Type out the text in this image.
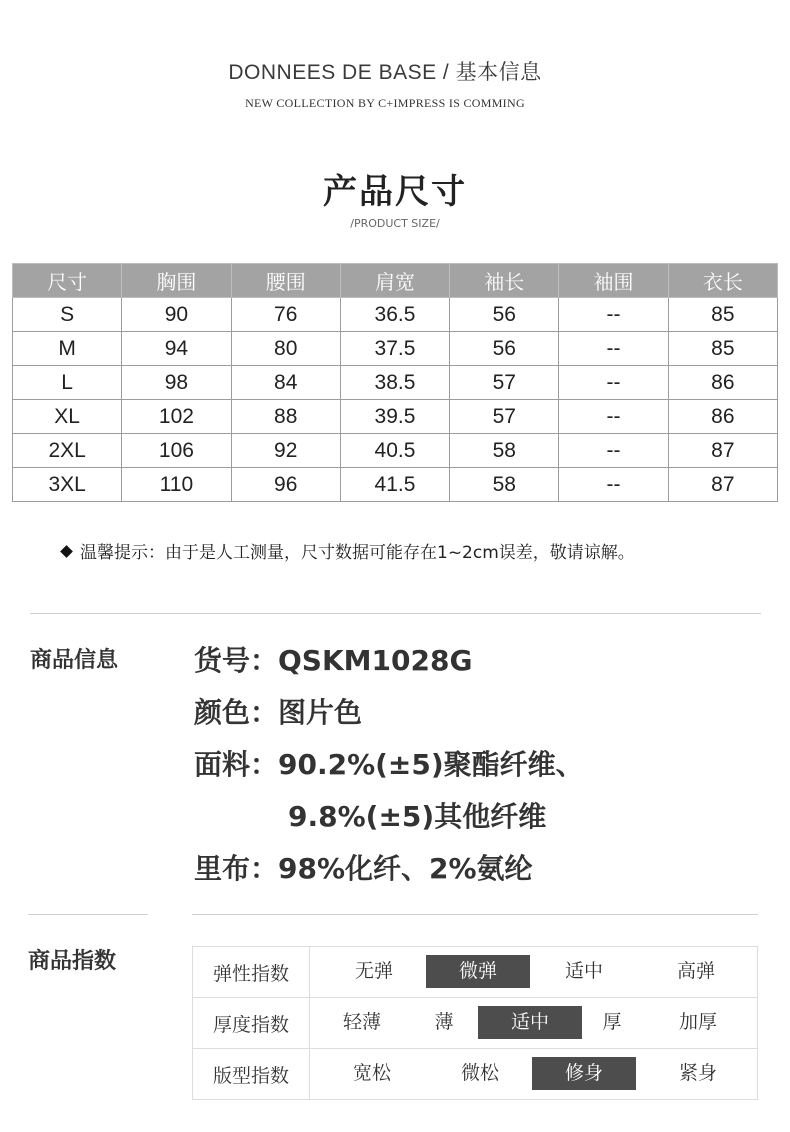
DONNEES DE BASE / 基本信息
NEW COLLECTION BY C+IMPRESS IS COMMING
产品尺寸
/PRODUCT SIZE/
尺寸	胸围	腰围	肩宽	袖长	袖围	衣长
S	90	76	36.5	56	--	85
M	94	80	37.5	56	--	85
L	98	84	38.5	57	--	86
XL	102	88	39.5	57	--	86
2XL	106	92	40.5	58	--	87
3XL	110	96	41.5	58	--	87
温馨提示：由于是人工测量，尺寸数据可能存在1~2cm误差，敬请谅解。
商品信息	货号：QSKM1028G
颜色：图片色
面料：90.2%(±5)聚酯纤维、
9.8%(±5)其他纤维
里布：98%化纤、2%氨纶
商品指数	弹性指数	无弹 微弹 适中 高弹

厚度指数	轻薄 薄 适中 厚 加厚

版型指数	宽松 微松 修身 紧身
